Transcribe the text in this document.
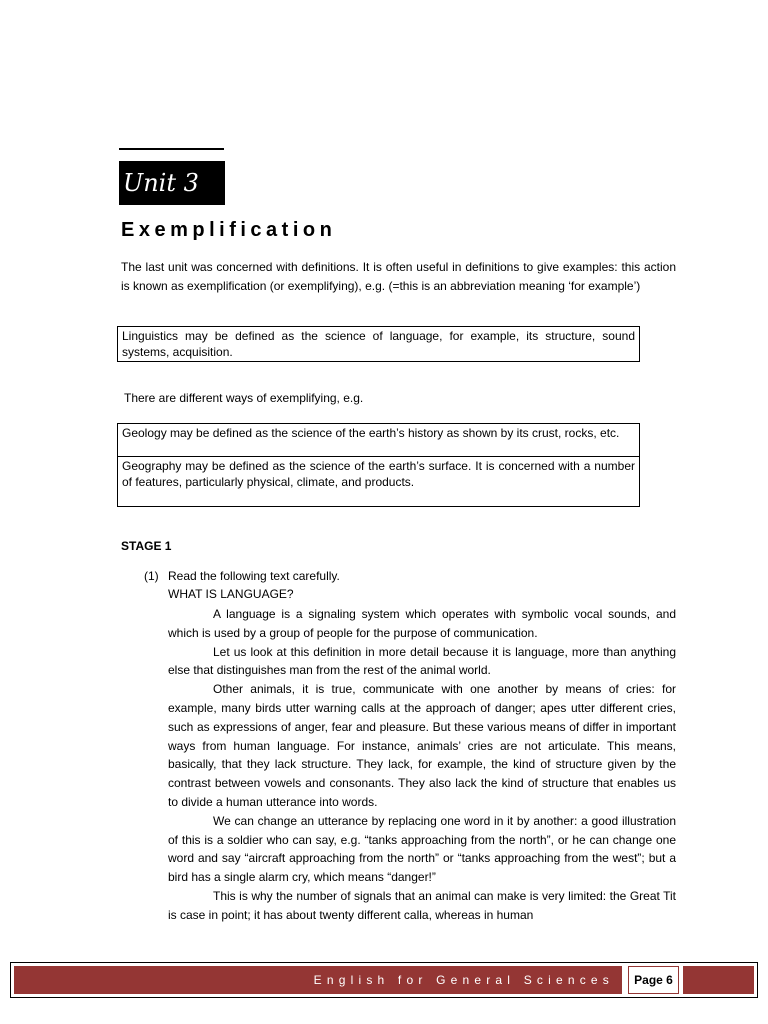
Unit 3
Exemplification
The last unit was concerned with definitions. It is often useful in definitions to give examples: this action is known as exemplification (or exemplifying), e.g. (=this is an abbreviation meaning ‘for example’)
Linguistics may be defined as the science of language, for example, its structure, sound systems, acquisition.
There are different ways of exemplifying, e.g.
Geology may be defined as the science of the earth’s history as shown by its crust, rocks, etc.
Geography may be defined as the science of the earth’s surface. It is concerned with a number of features, particularly physical, climate, and products.
STAGE 1
(1) Read the following text carefully.
WHAT IS LANGUAGE?

A language is a signaling system which operates with symbolic vocal sounds, and which is used by a group of people for the purpose of communication.

Let us look at this definition in more detail because it is language, more than anything else that distinguishes man from the rest of the animal world.

Other animals, it is true, communicate with one another by means of cries: for example, many birds utter warning calls at the approach of danger; apes utter different cries, such as expressions of anger, fear and pleasure. But these various means of differ in important ways from human language. For instance, animals’ cries are not articulate. This means, basically, that they lack structure. They lack, for example, the kind of structure given by the contrast between vowels and consonants. They also lack the kind of structure that enables us to divide a human utterance into words.

We can change an utterance by replacing one word in it by another: a good illustration of this is a soldier who can say, e.g. “tanks approaching from the north”, or he can change one word and say “aircraft approaching from the north” or “tanks approaching from the west”; but a bird has a single alarm cry, which means “danger!”

This is why the number of signals that an animal can make is very limited: the Great Tit is case in point; it has about twenty different calla, whereas in human

English for General Sciences	Page 6
